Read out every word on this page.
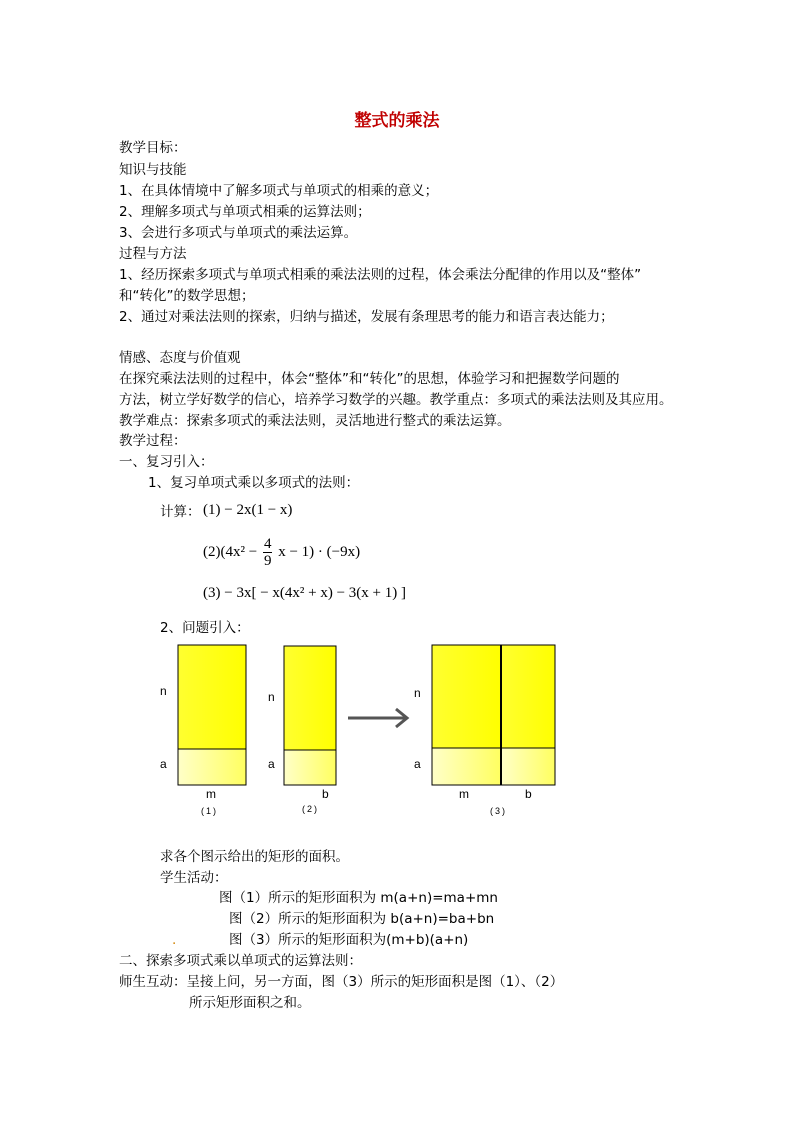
整式的乘法
教学目标：
知识与技能
1、在具体情境中了解多项式与单项式的相乘的意义；
2、理解多项式与单项式相乘的运算法则；
3、会进行多项式与单项式的乘法运算。
过程与方法
1、经历探索多项式与单项式相乘的乘法法则的过程，体会乘法分配律的作用以及“整体”
和“转化”的数学思想；
2、通过对乘法法则的探索，归纳与描述，发展有条理思考的能力和语言表达能力；
情感、态度与价值观
在探究乘法法则的过程中，体会“整体”和“转化”的思想，体验学习和把握数学问题的
方法，树立学好数学的信心，培养学习数学的兴趣。教学重点：多项式的乘法法则及其应用。
教学难点：探索多项式的乘法法则，灵活地进行整式的乘法运算。
教学过程：
一、复习引入：
1、复习单项式乘以多项式的法则：
计算： (1) − 2x(1 − x)
$(2)(4x^2 - \frac{4}{9}$ x − 1) · (−9x)
(3) − 3x[ − x(4x² + x) − 3(x + 1) ]
2、问题引入：
n
a
m
(1)
n
a
b
(2)
n
a
m	b
(3)
求各个图示给出的矩形的面积。
学生活动：
图（1）所示的矩形面积为 m(a+n)=ma+mn
图（2）所示的矩形面积为 b(a+n)=ba+bn
图（3）所示的矩形面积为(m+b)(a+n)
.
二、探索多项式乘以单项式的运算法则：
师生互动：呈接上问，另一方面，图（3）所示的矩形面积是图（1）、（2）
所示矩形面积之和。
